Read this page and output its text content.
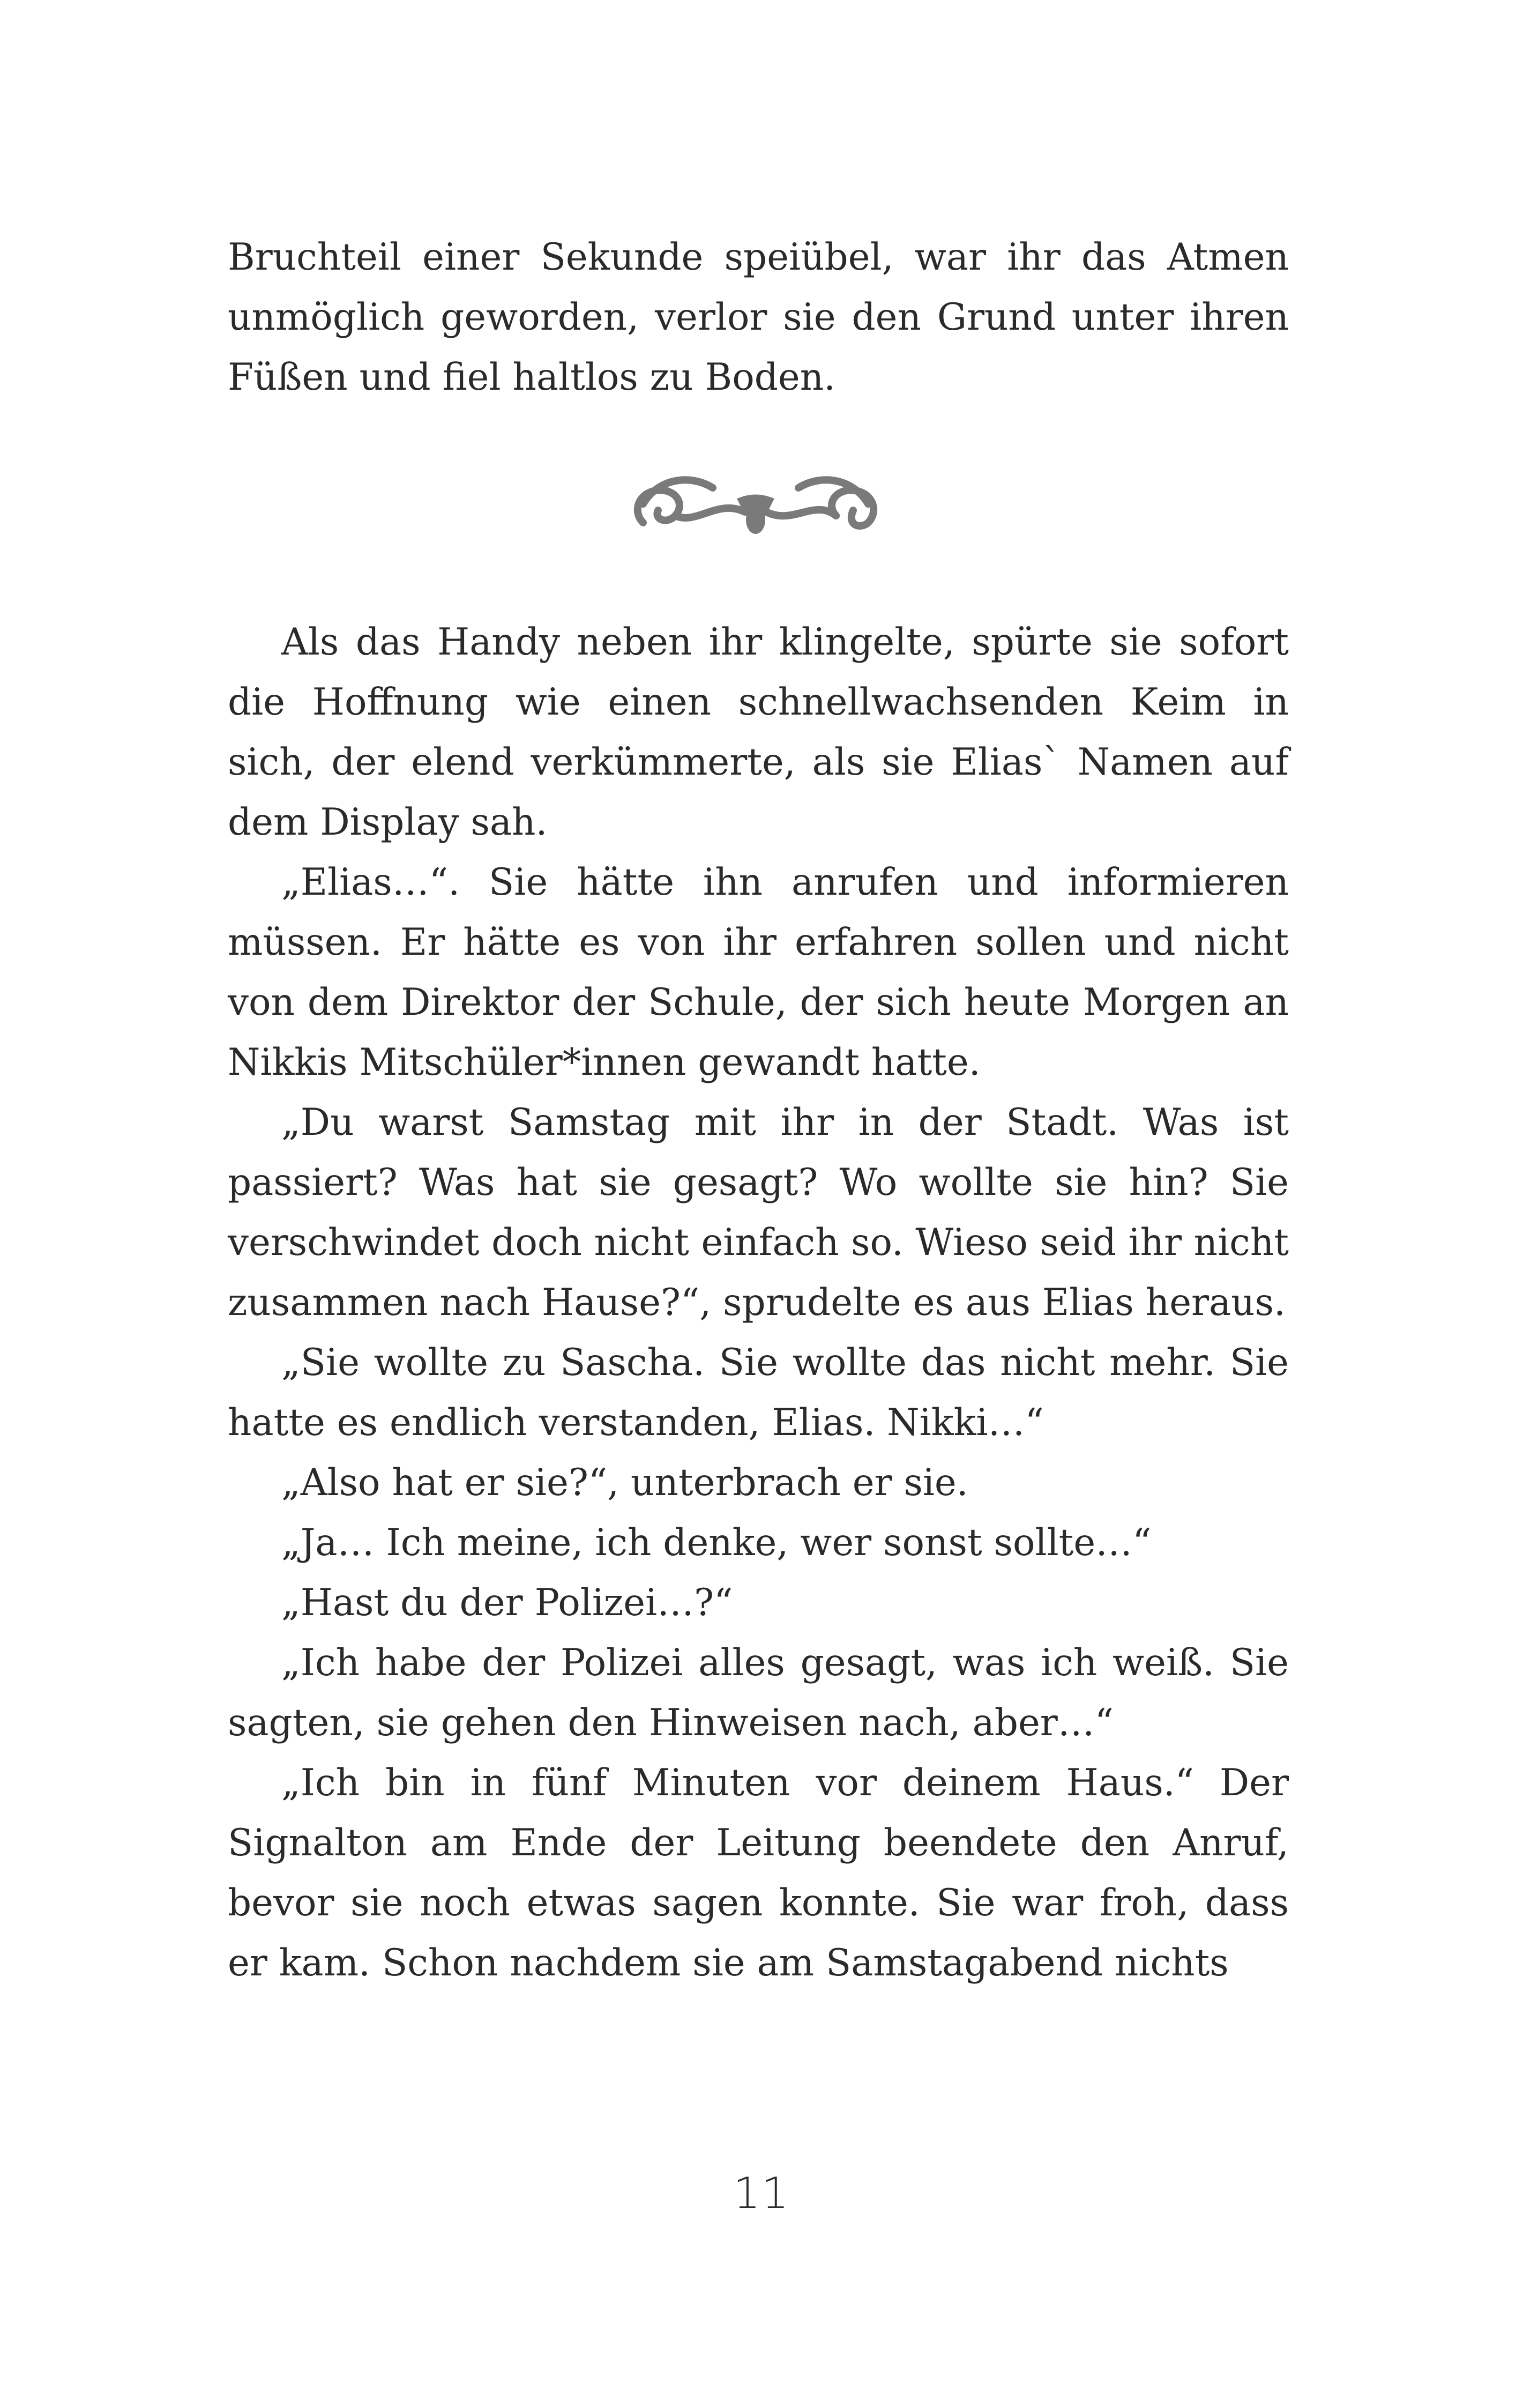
Bruchteil einer Sekunde speiübel, war ihr das Atmen unmöglich geworden, verlor sie den Grund unter ihren Füßen und fiel haltlos zu Boden.

Als das Handy neben ihr klingelte, spürte sie sofort die Hoffnung wie einen schnellwachsenden Keim in sich, der elend verkümmerte, als sie Elias` Namen auf dem Display sah.

„Elias…“. Sie hätte ihn anrufen und informieren müssen. Er hätte es von ihr erfahren sollen und nicht von dem Direktor der Schule, der sich heute Morgen an Nikkis Mitschüler*innen gewandt hatte.

„Du warst Samstag mit ihr in der Stadt. Was ist passiert? Was hat sie gesagt? Wo wollte sie hin? Sie verschwindet doch nicht einfach so. Wieso seid ihr nicht zusammen nach Hause?“, sprudelte es aus Elias heraus.

„Sie wollte zu Sascha. Sie wollte das nicht mehr. Sie hatte es endlich verstanden, Elias. Nikki…“

„Also hat er sie?“, unterbrach er sie.

„Ja… Ich meine, ich denke, wer sonst sollte…“

„Hast du der Polizei…?“

„Ich habe der Polizei alles gesagt, was ich weiß. Sie sagten, sie gehen den Hinweisen nach, aber…“

„Ich bin in fünf Minuten vor deinem Haus.“ Der Signalton am Ende der Leitung beendete den Anruf, bevor sie noch etwas sagen konnte. Sie war froh, dass er kam. Schon nachdem sie am Samstagabend nichts

11
